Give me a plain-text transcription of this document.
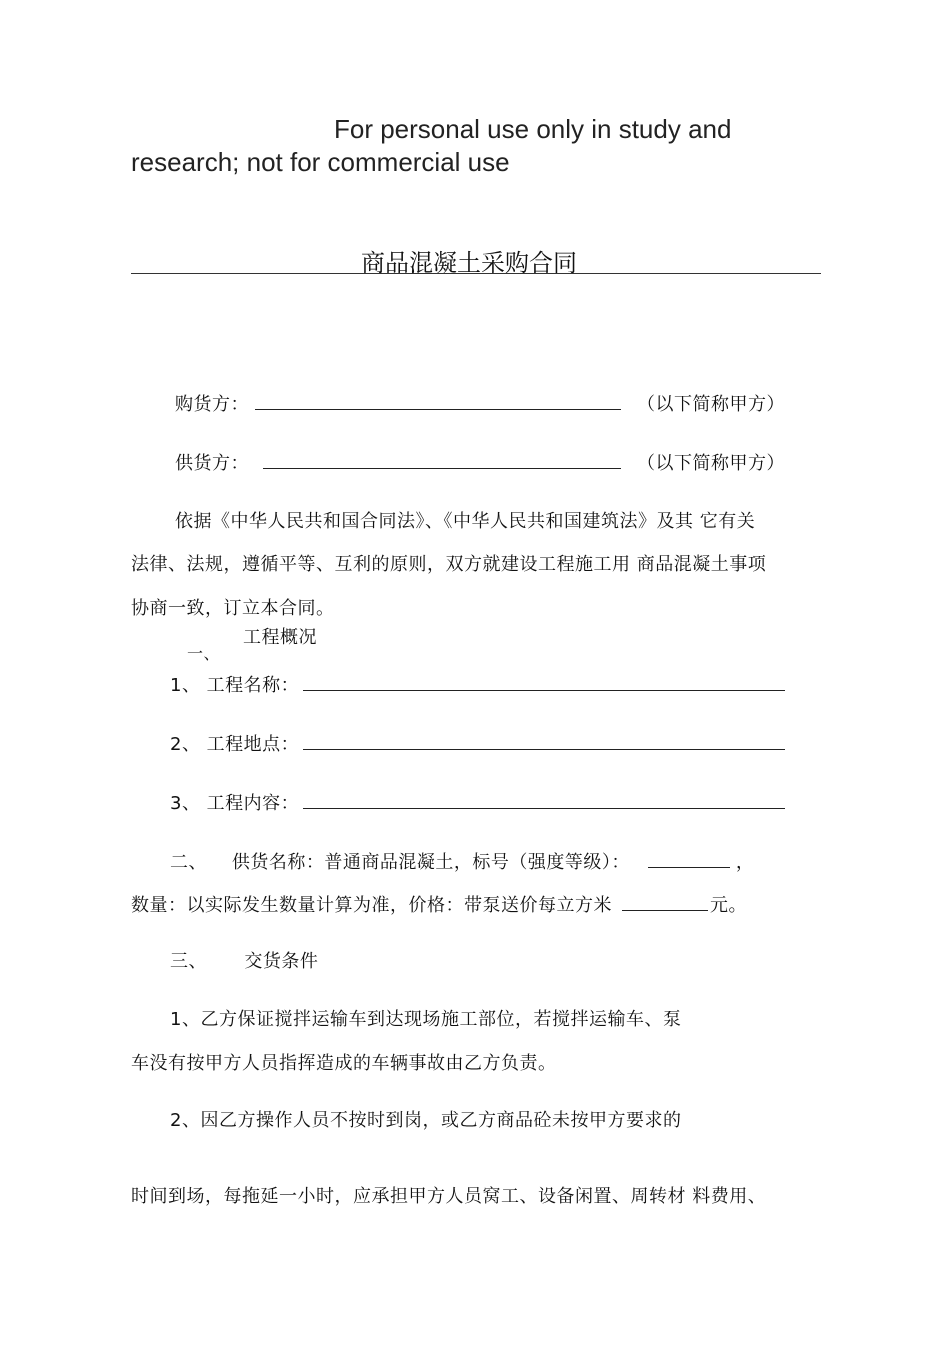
For personal use only in study and
research; not for commercial use
商品混凝土采购合同
购货方：	（以下简称甲方）
供货方：	（以下简称甲方）
依据《中华人民共和国合同法》、《中华人民共和国建筑法》及其 它有关
法律、法规，遵循平等、互利的原则，双方就建设工程施工用 商品混凝土事项
协商一致，订立本合同。
工程概况
一、
1、 工程名称：
2、 工程地点：
3、 工程内容：
二、    供货名称：普通商品混凝土，标号（强度等级）：	，
数量：以实际发生数量计算为准，价格：带泵送价每立方米	元。
三、      交货条件
1、乙方保证搅拌运输车到达现场施工部位，若搅拌运输车、泵
车没有按甲方人员指挥造成的车辆事故由乙方负责。
2、因乙方操作人员不按时到岗，或乙方商品砼未按甲方要求的
时间到场，每拖延一小时，应承担甲方人员窝工、设备闲置、周转材 料费用、
